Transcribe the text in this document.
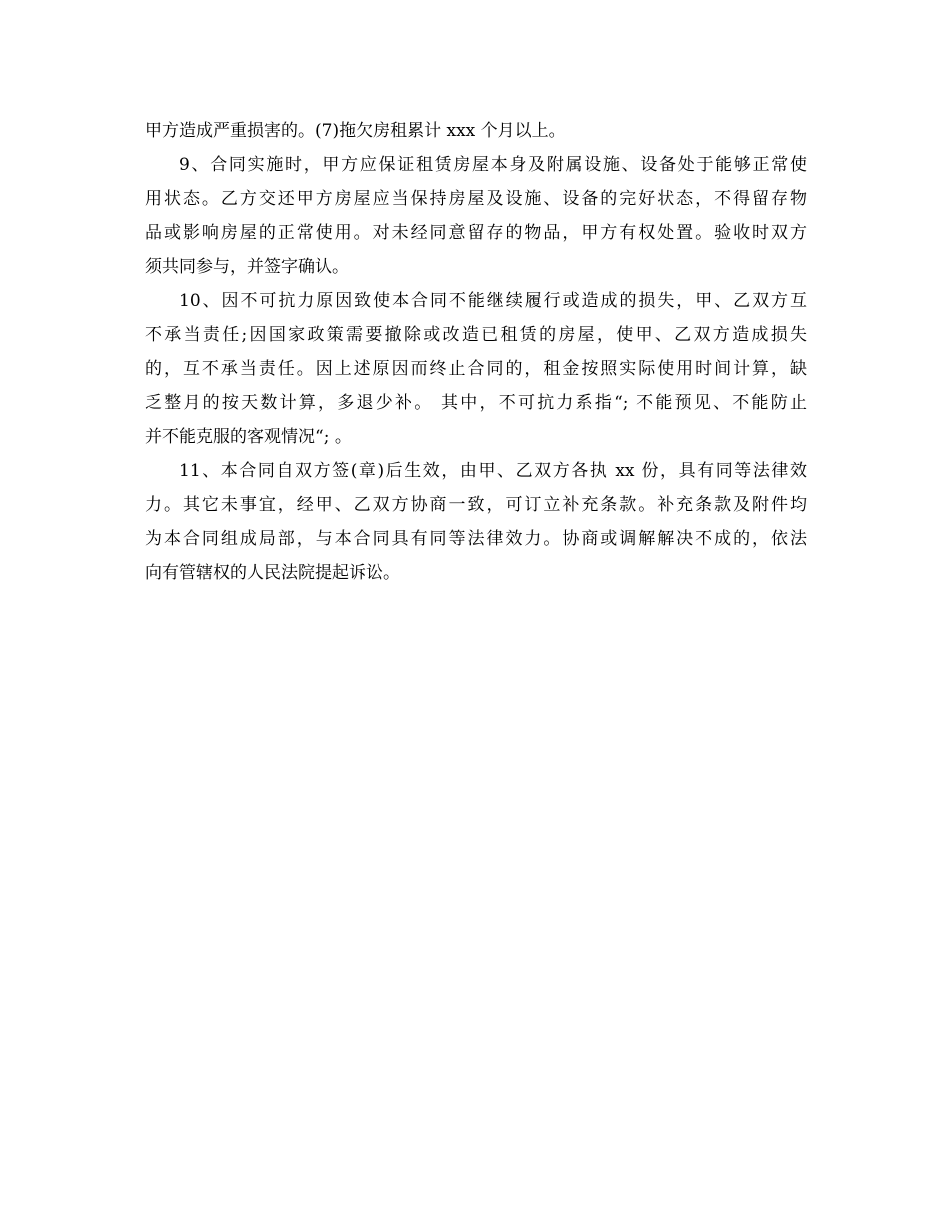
甲方造成严重损害的。(7)拖欠房租累计 xxx 个月以上。
9、合同实施时，甲方应保证租赁房屋本身及附属设施、设备处于能够正常使
用状态。乙方交还甲方房屋应当保持房屋及设施、设备的完好状态，不得留存物
品或影响房屋的正常使用。对未经同意留存的物品，甲方有权处置。验收时双方
须共同参与，并签字确认。
10、因不可抗力原因致使本合同不能继续履行或造成的损失，甲、乙双方互
不承当责任;因国家政策需要撤除或改造已租赁的房屋，使甲、乙双方造成损失
的，互不承当责任。因上述原因而终止合同的，租金按照实际使用时间计算，缺
乏整月的按天数计算，多退少补。 其中，不可抗力系指“; 不能预见、不能防止
并不能克服的客观情况“; 。
11、本合同自双方签(章)后生效，由甲、乙双方各执 xx 份，具有同等法律效
力。其它未事宜，经甲、乙双方协商一致，可订立补充条款。补充条款及附件均
为本合同组成局部，与本合同具有同等法律效力。协商或调解解决不成的，依法
向有管辖权的人民法院提起诉讼。
